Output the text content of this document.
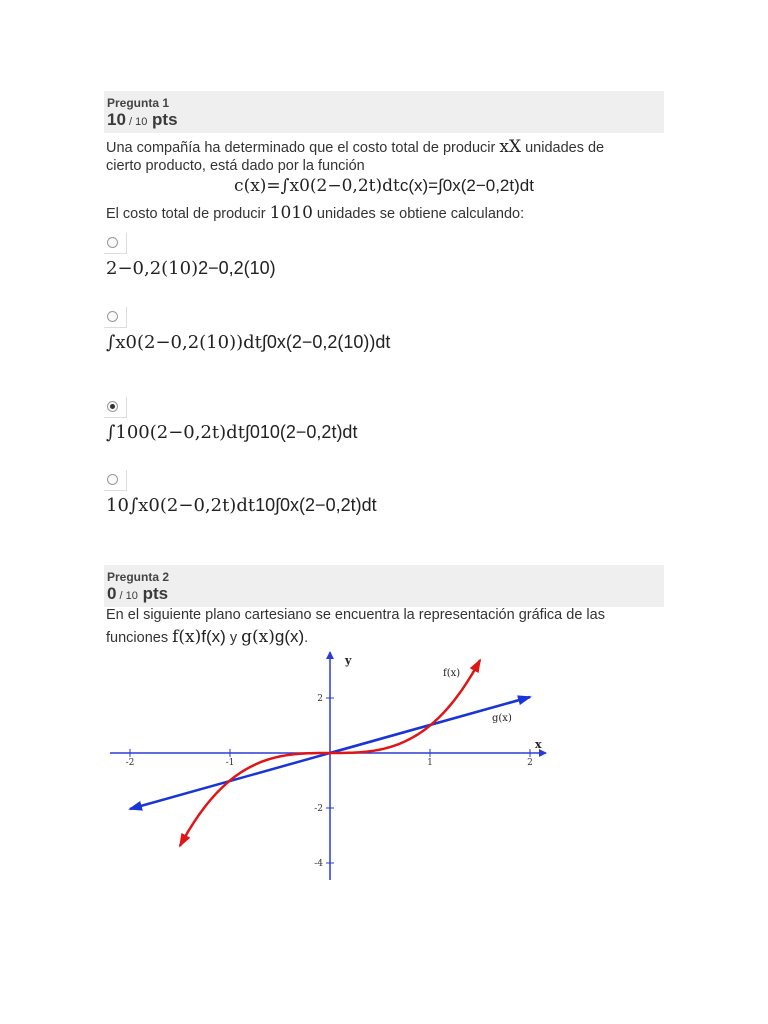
Pregunta 1
10 / 10 pts
Una compañía ha determinado que el costo total de producir xX unidades de
cierto producto, está dado por la función
c(x)=∫x0(2−0,2t)dtc(x)=∫0x(2−0,2t)dt
El costo total de producir 1010 unidades se obtiene calculando:
2−0,2(10)2−0,2(10)
∫x0(2−0,2(10))dt∫0x(2−0,2(10))dt
∫100(2−0,2t)dt∫010(2−0,2t)dt
10∫x0(2−0,2t)dt10∫0x(2−0,2t)dt
Pregunta 2
0 / 10 pts
En el siguiente plano cartesiano se encuentra la representación gráfica de las
funciones f(x)f(x) y g(x)g(x).
-2	-1	1	2
2
-2
-4
x
y
f(x)
g(x)
